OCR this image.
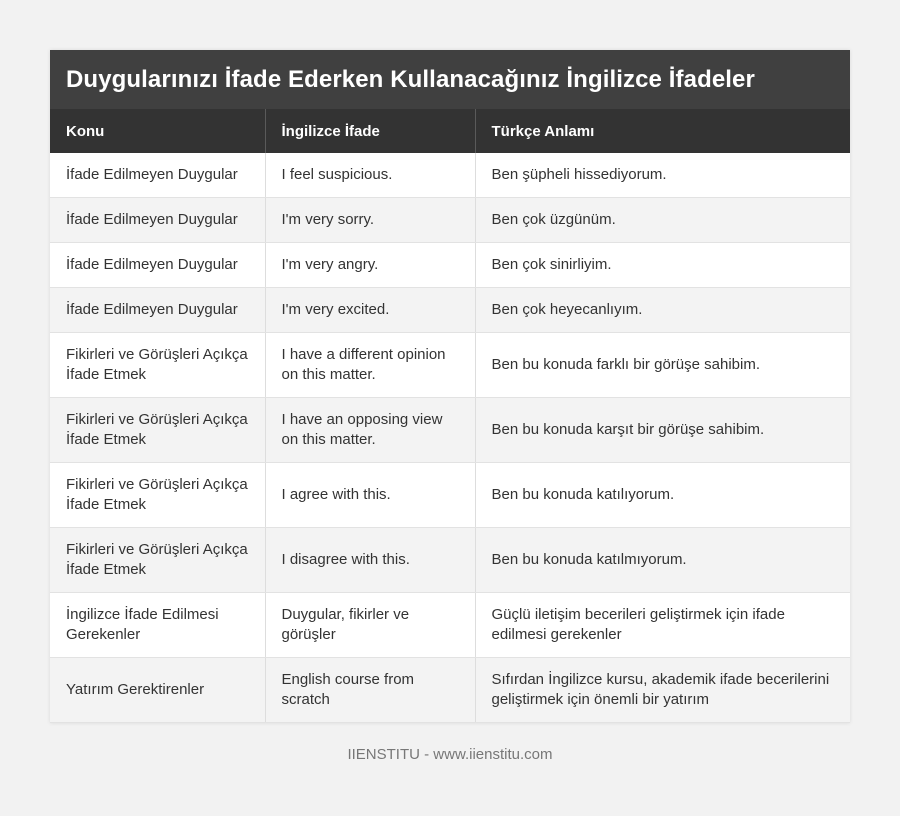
Duygularınızı İfade Ederken Kullanacağınız İngilizce İfadeler
Konu	İngilizce İfade	Türkçe Anlamı
İfade Edilmeyen Duygular	I feel suspicious.	Ben şüpheli hissediyorum.
İfade Edilmeyen Duygular	I'm very sorry.	Ben çok üzgünüm.
İfade Edilmeyen Duygular	I'm very angry.	Ben çok sinirliyim.
İfade Edilmeyen Duygular	I'm very excited.	Ben çok heyecanlıyım.
Fikirleri ve Görüşleri Açıkça İfade Etmek	I have a different opinion on this matter.	Ben bu konuda farklı bir görüşe sahibim.
Fikirleri ve Görüşleri Açıkça İfade Etmek	I have an opposing view on this matter.	Ben bu konuda karşıt bir görüşe sahibim.
Fikirleri ve Görüşleri Açıkça İfade Etmek	I agree with this.	Ben bu konuda katılıyorum.
Fikirleri ve Görüşleri Açıkça İfade Etmek	I disagree with this.	Ben bu konuda katılmıyorum.
İngilizce İfade Edilmesi Gerekenler	Duygular, fikirler ve görüşler	Güçlü iletişim becerileri geliştirmek için ifade edilmesi gerekenler
Yatırım Gerektirenler	English course from scratch	Sıfırdan İngilizce kursu, akademik ifade becerilerini geliştirmek için önemli bir yatırım
IIENSTITU - www.iienstitu.com
